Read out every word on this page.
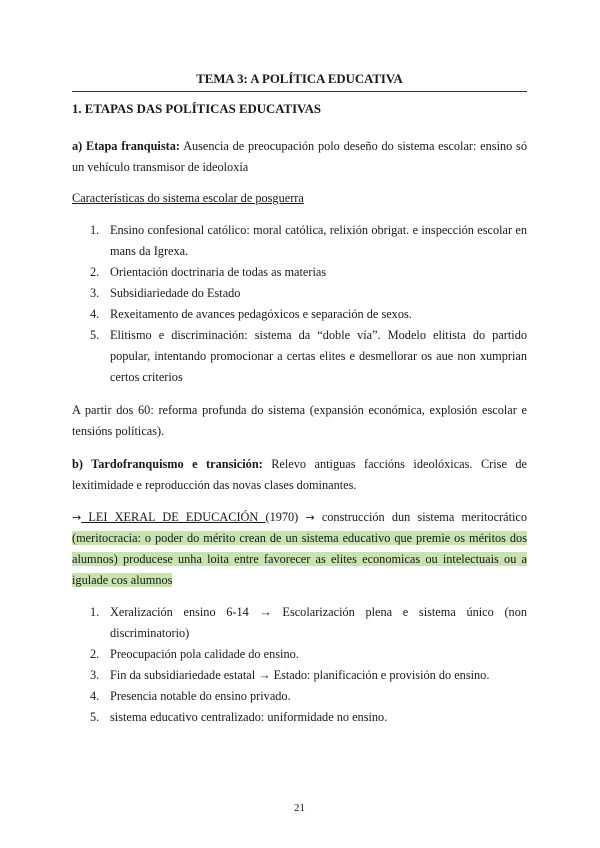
TEMA 3: A POLÍTICA EDUCATIVA
1. ETAPAS DAS POLÍTICAS EDUCATIVAS
a) Etapa franquista: Ausencia de preocupación polo deseño do sistema escolar: ensino só un vehículo transmisor de ideoloxía
Características do sistema escolar de posguerra
1. Ensino confesional católico: moral católica, relixión obrigat. e inspección escolar en mans da Igrexa.
2. Orientación doctrinaria de todas as materias
3. Subsidiariedade do Estado
4. Rexeitamento de avances pedagóxicos e separación de sexos.
5. Elitismo e discriminación: sistema da “doble vía”. Modelo elitista do partido popular, intentando promocionar a certas elites e desmellorar os aue non xumprian certos criterios
A partir dos 60: reforma profunda do sistema (expansión económica, explosión escolar e tensións políticas).
b) Tardofranquismo e transición: Relevo antiguas faccións ideolóxicas. Crise de lexitimidade e reproducción das novas clases dominantes.
→ LEI XERAL DE EDUCACIÓN (1970) → construcción dun sistema meritocrático (meritocracia: o poder do mérito crean de un sistema educativo que premie os méritos dos alumnos) producese unha loita entre favorecer as elites economicas ou intelectuais ou a igulade cos alumnos
1. Xeralización ensino 6-14 → Escolarización plena e sistema único (non discriminatorio)
2. Preocupación pola calidade do ensino.
3. Fin da subsidiariedade estatal → Estado: planificación e provisión do ensino.
4. Presencia notable do ensino privado.
5. sistema educativo centralizado: uniformidade no ensino.
21
